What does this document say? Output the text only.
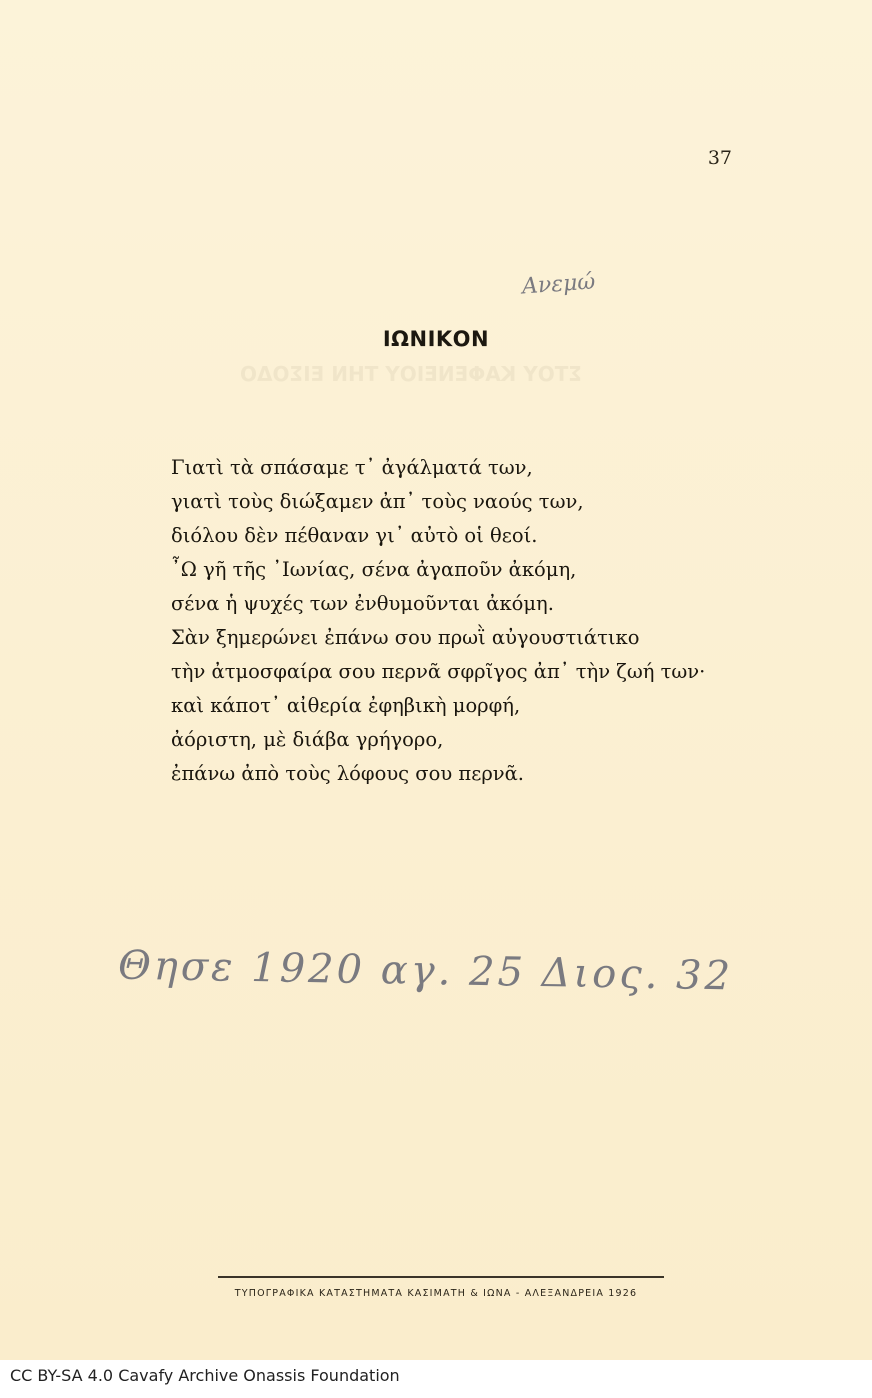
ΣΤΟΥ ΚΑΦΕΝΕΙΟΥ ΤΗΝ ΕΙΣΟΔΟ
37
Ανεμώ
ΙΩΝΙΚΟΝ
Γιατὶ τὰ σπάσαμε τ᾽ ἀγάλματά των,
γιατὶ τοὺς διώξαμεν ἀπ᾽ τοὺς ναούς των,
διόλου δὲν πέθαναν γι᾽ αὐτὸ οἱ θεοί.
῏Ω γῆ τῆς ᾽Ιωνίας, σένα ἀγαποῦν ἀκόμη,
σένα ἡ ψυχές των ἐνθυμοῦνται ἀκόμη.
Σὰν ξημερώνει ἐπάνω σου πρωῒ αὐγουστιάτικο
τὴν ἀτμοσφαίρα σου περνᾶ σφρῖγος ἀπ᾽ τὴν ζωή των·
καὶ κάποτ᾽ αἰθερία ἐφηβικὴ μορφή,
ἀόριστη, μὲ διάβα γρήγορο,
ἐπάνω ἀπὸ τοὺς λόφους σου περνᾶ.
Θησε 1920 αγ. 25 Διος. 32
ΤΥΠΟΓΡΑΦΙΚΑ ΚΑΤΑΣΤΗΜΑΤΑ ΚΑΣΙΜΑΤΗ & ΙΩΝΑ - ΑΛΕΞΑΝΔΡΕΙΑ 1926
CC BY-SA 4.0 Cavafy Archive Onassis Foundation
